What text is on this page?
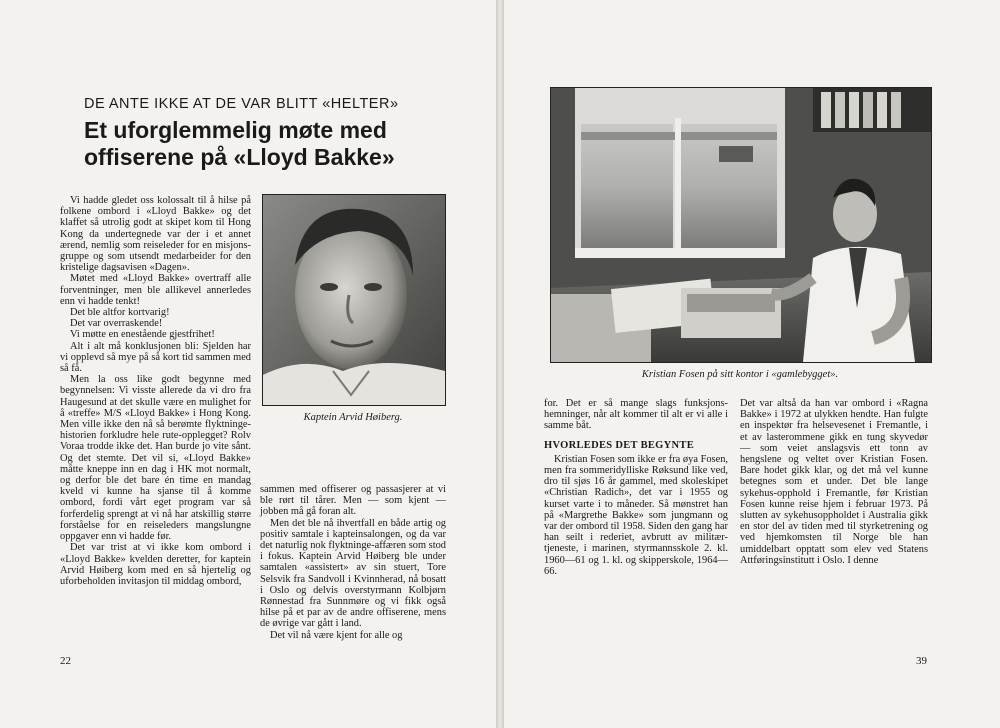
DE ANTE IKKE AT DE VAR BLITT «HELTER»
Et uforglemmelig møte med
offiserene på «Lloyd Bakke»

Vi hadde gledet oss kolossalt til å hilse på folkene ombord i «Lloyd Bakke» og det klaffet så utrolig godt at skipet kom til Hong Kong da undertegnede var der i et annet ærend, nemlig som reiseleder for en misjons-gruppe og som utsendt medarbeider for den kristelige dagsavisen «Dagen».

Møtet med «Lloyd Bakke» overtraff alle forventninger, men ble allikevel annerledes enn vi hadde tenkt!

Det ble altfor kortvarig!

Det var overraskende!

Vi møtte en enestående gjestfrihet!

Alt i alt må konklusjonen bli: Sjelden har vi opplevd så mye på så kort tid sammen med så få.

Men la oss like godt begynne med begynnelsen: Vi visste allerede da vi dro fra Haugesund at det skulle være en mulighet for å «treffe» M/S «Lloyd Bakke» i Hong Kong. Men ville ikke den nå så berømte flyktninge-historien forkludre hele rute-opplegget? Rolv Voraa trodde ikke det. Han burde jo vite sånt. Og det stemte. Det vil si, «Lloyd Bakke» måtte kneppe inn en dag i HK mot normalt, og derfor ble det bare én time en mandag kveld vi kunne ha sjanse til å komme ombord, fordi vårt eget program var så forferdelig sprengt at vi nå har atskillig større forståelse for en reiseleders mangslungne oppgaver enn vi hadde før.

Det var trist at vi ikke kom ombord i «Lloyd Bakke» kvelden deretter, for kaptein Arvid Høiberg kom med en så hjertelig og uforbeholden invitasjon til middag ombord,

Kaptein Arvid Høiberg.

sammen med offiserer og passasjerer at vi ble rørt til tårer. Men — som kjent — jobben må gå foran alt.

Men det ble nå ihvertfall en både artig og positiv samtale i kapteinsalongen, og da var det naturlig nok flyktninge-affæren som stod i fokus. Kaptein Arvid Høiberg ble under samtalen «assistert» av sin stuert, Tore Selsvik fra Sandvoll i Kvinnherad, nå bosatt i Oslo og delvis overstyrmann Kolbjørn Rønnestad fra Sunnmøre og vi fikk også hilse på et par av de andre offiserene, mens de øvrige var gått i land.

Det vil nå være kjent for alle og

22
Kristian Fosen på sitt kontor i «gamlebygget».

for. Det er så mange slags funksjons-hemninger, når alt kommer til alt er vi alle i samme båt.

HVORLEDES DET BEGYNTE

Kristian Fosen som ikke er fra øya Fosen, men fra sommeridylliske Røksund like ved, dro til sjøs 16 år gammel, med skoleskipet «Christian Radich», det var i 1955 og kurset varte i to måneder. Så mønstret han på «Margrethe Bakke» som jungmann og var der ombord til 1958. Siden den gang har han seilt i rederiet, avbrutt av militær-tjeneste, i marinen, styrmannsskole 2. kl. 1960—61 og 1. kl. og skipperskole, 1964—66.

Det var altså da han var ombord i «Ragna Bakke» i 1972 at ulykken hendte. Han fulgte en inspektør fra helsevesenet i Fremantle, i et av lasterommene gikk en tung skyvedør — som veiet anslagsvis ett tonn av hengslene og veltet over Kristian Fosen. Bare hodet gikk klar, og det må vel kunne betegnes som et under. Det ble lange sykehus-opphold i Fremantle, før Kristian Fosen kunne reise hjem i februar 1973. På slutten av sykehusoppholdet i Australia gikk en stor del av tiden med til styrketrening og ved hjemkomsten til Norge ble han umiddelbart opptatt som elev ved Statens Attføringsinstitutt i Oslo. I denne

39
